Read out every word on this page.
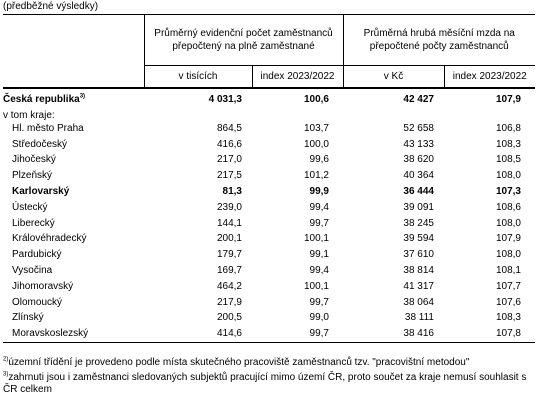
(předběžné výsledky)
	Průměrný evidenční počet zaměstnanců přepočtený na plně zaměstnané		Průměrná hrubá měsíční mzda na přepočtené počty zaměstnanců	
	v tisících	index 2023/2022	v Kč	index 2023/2022
Česká republika$^{3)}$	4 031,3	100,6	42 427	107,9
v tom kraje:				
Hl. město Praha	864,5	103,7	52 658	106,8
Středočeský	416,6	100,0	43 133	108,3
Jihočeský	217,0	99,6	38 620	108,5
Plzeňský	217,5	101,2	40 364	108,0
Karlovarský	81,3	99,9	36 444	107,3
Ústecký	239,0	99,4	39 091	108,6
Liberecký	144,1	99,7	38 245	108,0
Královéhradecký	200,1	100,1	39 594	107,9
Pardubický	179,7	99,1	37 610	108,0
Vysočina	169,7	99,4	38 814	108,1
Jihomoravský	464,2	100,1	41 317	107,7
Olomoucký	217,9	99,7	38 064	107,6
Zlínský	200,5	99,0	38 111	108,3
Moravskoslezský	414,6	99,7	38 416	107,8
$^{2)}$územní třídění je provedeno podle místa skutečného pracoviště zaměstnanců tzv. "pracovištní metodou"
$^{3)}$zahrnuti jsou i zaměstnanci sledovaných subjektů pracující mimo území ČR, proto součet za kraje nemusí souhlasit s ČR celkem
